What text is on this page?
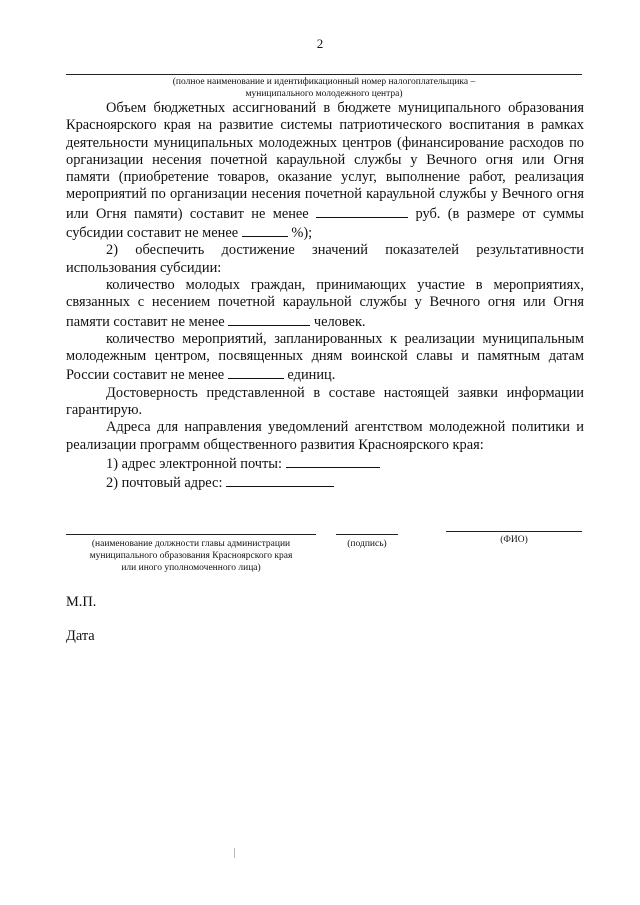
2
(полное наименование и идентификационный номер налогоплательщика –
муниципального молодежного центра)

Объем бюджетных ассигнований в бюджете муниципального образования Красноярского края на развитие системы патриотического воспитания в рамках деятельности муниципальных молодежных центров (финансирование расходов по организации несения почетной караульной службы у Вечного огня или Огня памяти (приобретение товаров, оказание услуг, выполнение работ, реализация мероприятий по организации несения почетной караульной службы у Вечного огня или Огня памяти) составит не менее	руб. (в размере от суммы субсидии составит не менее	%);

2) обеспечить достижение значений показателей результативности использования субсидии:

количество молодых граждан, принимающих участие в мероприятиях, связанных с несением почетной караульной службы у Вечного огня или Огня памяти составит не менее	человек.

количество мероприятий, запланированных к реализации муниципальным молодежным центром, посвященных дням воинской славы и памятным датам России составит не менее	единиц.

Достоверность представленной в составе настоящей заявки информации гарантирую.

Адреса для направления уведомлений агентством молодежной политики и реализации программ общественного развития Красноярского края:

1) адрес электронной почты:

2) почтовый адрес:

(наименование должности главы администрации
муниципального образования Красноярского края
или иного уполномоченного лица)
(подпись)	(ФИО)
М.П.
Дата
